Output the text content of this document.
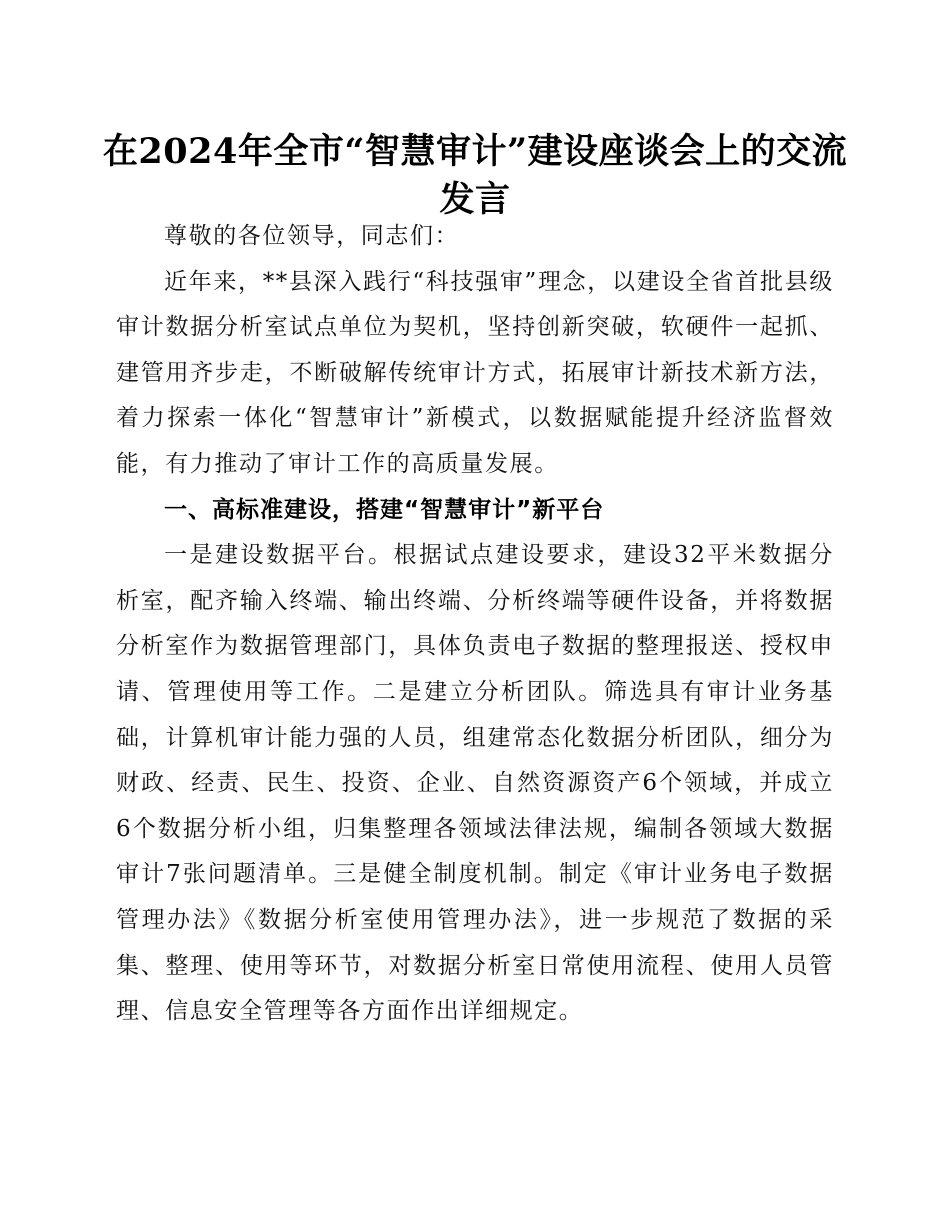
在2024年全市“智慧审计”建设座谈会上的交流发言

尊敬的各位领导，同志们：

近年来，**县深入践行“科技强审”理念，以建设全省首批县级审计数据分析室试点单位为契机，坚持创新突破，软硬件一起抓、建管用齐步走，不断破解传统审计方式，拓展审计新技术新方法，着力探索一体化“智慧审计”新模式，以数据赋能提升经济监督效能，有力推动了审计工作的高质量发展。

一、高标准建设，搭建“智慧审计”新平台

一是建设数据平台。根据试点建设要求，建设32平米数据分析室，配齐输入终端、输出终端、分析终端等硬件设备，并将数据分析室作为数据管理部门，具体负责电子数据的整理报送、授权申请、管理使用等工作。二是建立分析团队。筛选具有审计业务基础，计算机审计能力强的人员，组建常态化数据分析团队，细分为财政、经责、民生、投资、企业、自然资源资产6个领域，并成立6个数据分析小组，归集整理各领域法律法规，编制各领域大数据审计7张问题清单。三是健全制度机制。制定《审计业务电子数据管理办法》《数据分析室使用管理办法》，进一步规范了数据的采集、整理、使用等环节，对数据分析室日常使用流程、使用人员管理、信息安全管理等各方面作出详细规定。
